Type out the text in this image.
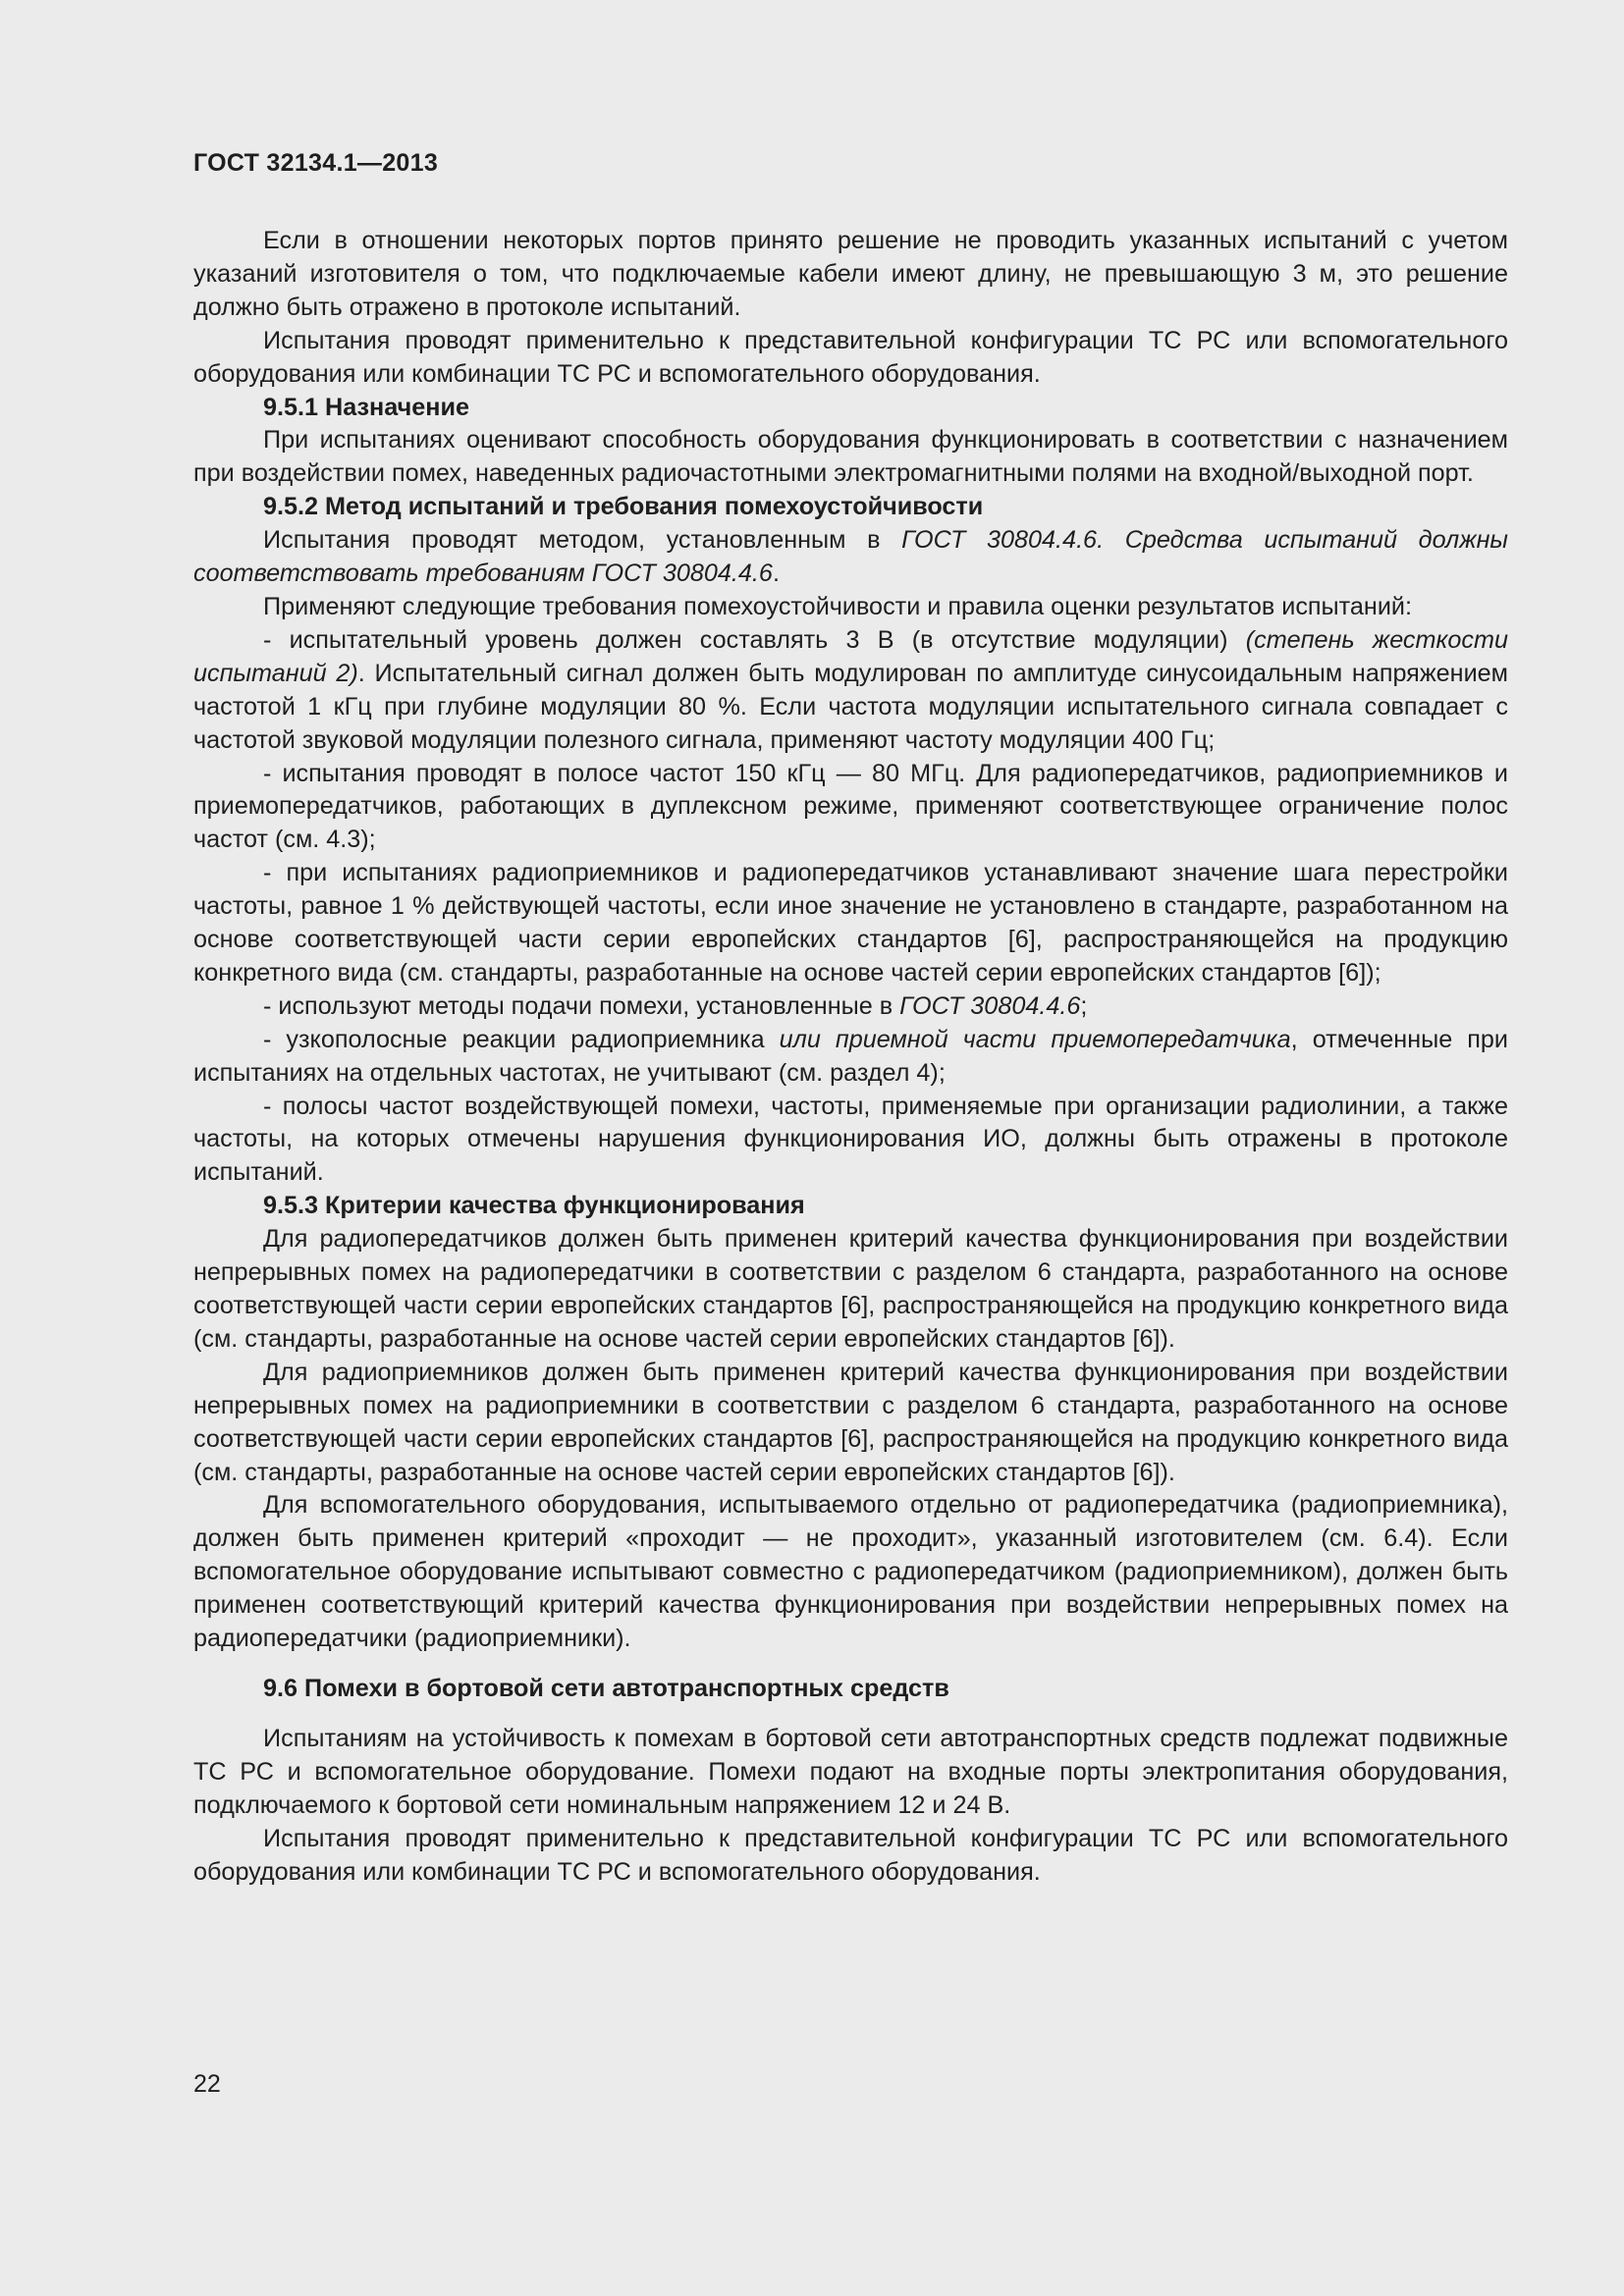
ГОСТ 32134.1—2013

Если в отношении некоторых портов принято решение не проводить указанных испытаний с учетом указаний изготовителя о том, что подключаемые кабели имеют длину, не превышающую 3 м, это решение должно быть отражено в протоколе испытаний.

Испытания проводят применительно к представительной конфигурации ТС РС или вспомогательного оборудования или комбинации ТС РС и вспомогательного оборудования.

9.5.1 Назначение

При испытаниях оценивают способность оборудования функционировать в соответствии с назначением при воздействии помех, наведенных радиочастотными электромагнитными полями на входной/выходной порт.

9.5.2 Метод испытаний и требования помехоустойчивости

Испытания проводят методом, установленным в ГОСТ 30804.4.6. Средства испытаний должны соответствовать требованиям ГОСТ 30804.4.6.

Применяют следующие требования помехоустойчивости и правила оценки результатов испытаний:

- испытательный уровень должен составлять 3 В (в отсутствие модуляции) (степень жесткости испытаний 2). Испытательный сигнал должен быть модулирован по амплитуде синусоидальным напряжением частотой 1 кГц при глубине модуляции 80 %. Если частота модуляции испытательного сигнала совпадает с частотой звуковой модуляции полезного сигнала, применяют частоту модуляции 400 Гц;

- испытания проводят в полосе частот 150 кГц — 80 МГц. Для радиопередатчиков, радиоприемников и приемопередатчиков, работающих в дуплексном режиме, применяют соответствующее ограничение полос частот (см. 4.3);

- при испытаниях радиоприемников и радиопередатчиков устанавливают значение шага перестройки частоты, равное 1 % действующей частоты, если иное значение не установлено в стандарте, разработанном на основе соответствующей части серии европейских стандартов [6], распространяющейся на продукцию конкретного вида (см. стандарты, разработанные на основе частей серии европейских стандартов [6]);

- используют методы подачи помехи, установленные в ГОСТ 30804.4.6;

- узкополосные реакции радиоприемника или приемной части приемопередатчика, отмеченные при испытаниях на отдельных частотах, не учитывают (см. раздел 4);

- полосы частот воздействующей помехи, частоты, применяемые при организации радиолинии, а также частоты, на которых отмечены нарушения функционирования ИО, должны быть отражены в протоколе испытаний.

9.5.3 Критерии качества функционирования

Для радиопередатчиков должен быть применен критерий качества функционирования при воздействии непрерывных помех на радиопередатчики в соответствии с разделом 6 стандарта, разработанного на основе соответствующей части серии европейских стандартов [6], распространяющейся на продукцию конкретного вида (см. стандарты, разработанные на основе частей серии европейских стандартов [6]).

Для радиоприемников должен быть применен критерий качества функционирования при воздействии непрерывных помех на радиоприемники в соответствии с разделом 6 стандарта, разработанного на основе соответствующей части серии европейских стандартов [6], распространяющейся на продукцию конкретного вида (см. стандарты, разработанные на основе частей серии европейских стандартов [6]).

Для вспомогательного оборудования, испытываемого отдельно от радиопередатчика (радиоприемника), должен быть применен критерий «проходит — не проходит», указанный изготовителем (см. 6.4). Если вспомогательное оборудование испытывают совместно с радиопередатчиком (радиоприемником), должен быть применен соответствующий критерий качества функционирования при воздействии непрерывных помех на радиопередатчики (радиоприемники).

9.6 Помехи в бортовой сети автотранспортных средств

Испытаниям на устойчивость к помехам в бортовой сети автотранспортных средств подлежат подвижные ТС РС и вспомогательное оборудование. Помехи подают на входные порты электропитания оборудования, подключаемого к бортовой сети номинальным напряжением 12 и 24 В.

Испытания проводят применительно к представительной конфигурации ТС РС или вспомогательного оборудования или комбинации ТС РС и вспомогательного оборудования.

22
